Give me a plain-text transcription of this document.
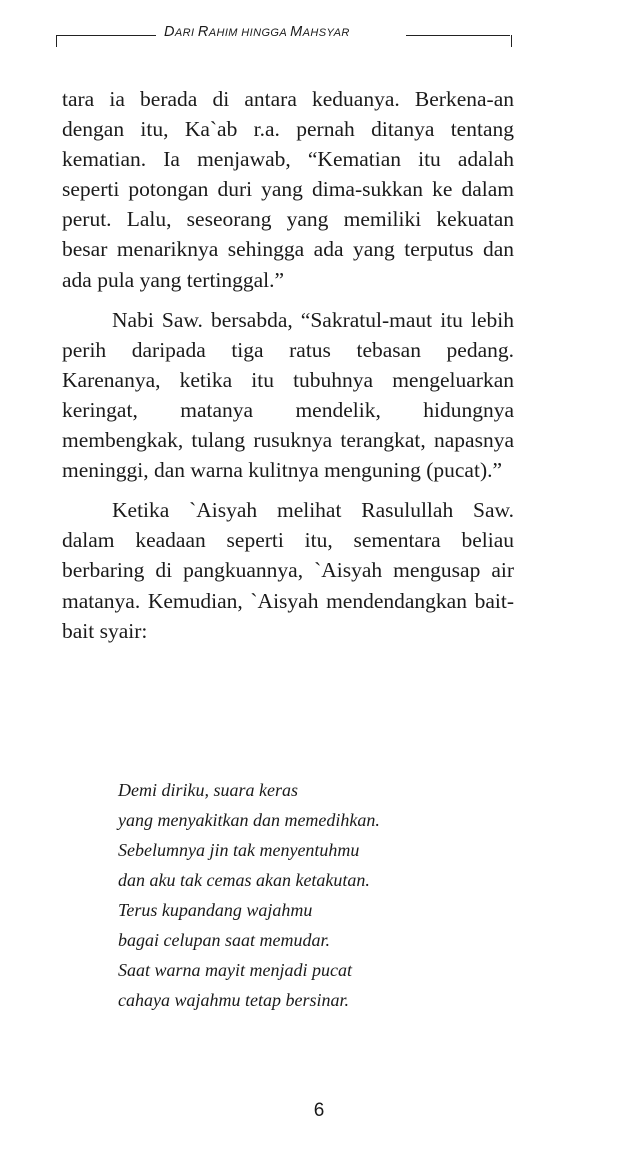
DARI RAHIM HINGGA MAHSYAR

tara ia berada di antara keduanya. Berkena-an dengan itu, Ka`ab r.a. pernah ditanya tentang kematian. Ia menjawab, “Kematian itu adalah seperti potongan duri yang dima-sukkan ke dalam perut. Lalu, seseorang yang memiliki kekuatan besar menariknya sehingga ada yang terputus dan ada pula yang tertinggal.”

Nabi Saw. bersabda, “Sakratul-maut itu lebih perih daripada tiga ratus tebasan pedang. Karenanya, ketika itu tubuhnya mengeluarkan keringat, matanya mendelik, hidungnya membengkak, tulang rusuknya terangkat, napasnya meninggi, dan warna kulitnya menguning (pucat).”

Ketika `Aisyah melihat Rasulullah Saw. dalam keadaan seperti itu, sementara beliau berbaring di pangkuannya, `Aisyah mengusap air matanya. Kemudian, `Aisyah mendendangkan bait-bait syair:

Demi diriku, suara keras
yang menyakitkan dan memedihkan.
Sebelumnya jin tak menyentuhmu
dan aku tak cemas akan ketakutan.
Terus kupandang wajahmu
bagai celupan saat memudar.
Saat warna mayit menjadi pucat
cahaya wajahmu tetap bersinar.
6
